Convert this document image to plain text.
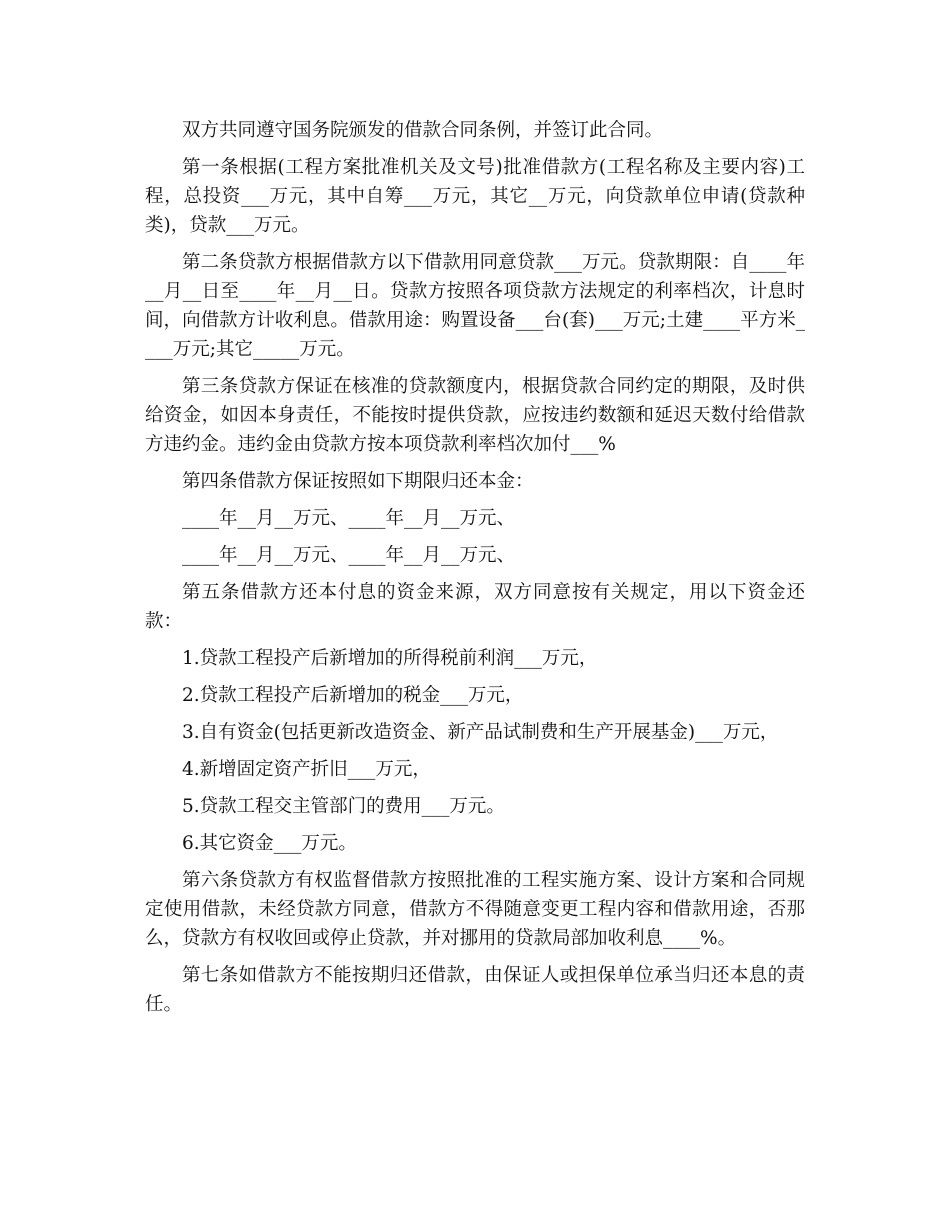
双方共同遵守国务院颁发的借款合同条例，并签订此合同。

第一条根据(工程方案批准机关及文号)批准借款方(工程名称及主要内容)工程，总投资___万元，其中自筹___万元，其它__万元，向贷款单位申请(贷款种类)，贷款___万元。

第二条贷款方根据借款方以下借款用同意贷款___万元。贷款期限：自____年__月__日至____年__月__日。贷款方按照各项贷款方法规定的利率档次，计息时间，向借款方计收利息。借款用途：购置设备___台(套)___万元;土建____平方米____万元;其它_____万元。

第三条贷款方保证在核准的贷款额度内，根据贷款合同约定的期限，及时供给资金，如因本身责任，不能按时提供贷款，应按违约数额和延迟天数付给借款方违约金。违约金由贷款方按本项贷款利率档次加付___%

第四条借款方保证按照如下期限归还本金：

____年__月__万元、____年__月__万元、

____年__月__万元、____年__月__万元、

第五条借款方还本付息的资金来源，双方同意按有关规定，用以下资金还款：

1.贷款工程投产后新增加的所得税前利润___万元，

2.贷款工程投产后新增加的税金___万元，

3.自有资金(包括更新改造资金、新产品试制费和生产开展基金)___万元，

4.新增固定资产折旧___万元，

5.贷款工程交主管部门的费用___万元。

6.其它资金___万元。

第六条贷款方有权监督借款方按照批准的工程实施方案、设计方案和合同规定使用借款，未经贷款方同意，借款方不得随意变更工程内容和借款用途，否那么，贷款方有权收回或停止贷款，并对挪用的贷款局部加收利息____%。

第七条如借款方不能按期归还借款，由保证人或担保单位承当归还本息的责任。
